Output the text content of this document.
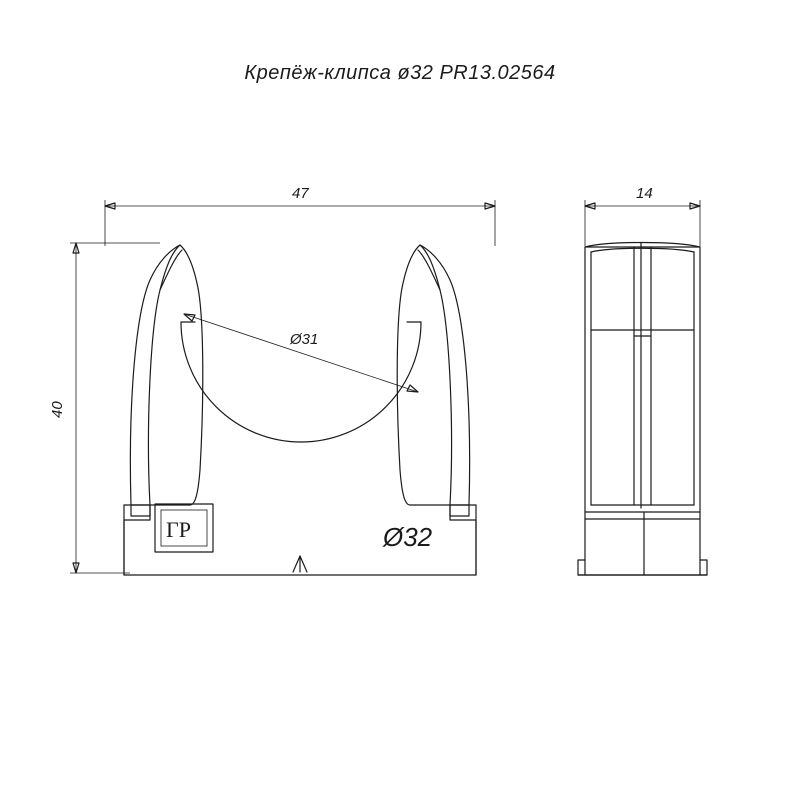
Крепёж-клипса ø32 PR13.02564
Ø31
ГР	Ø32
47
40
14
